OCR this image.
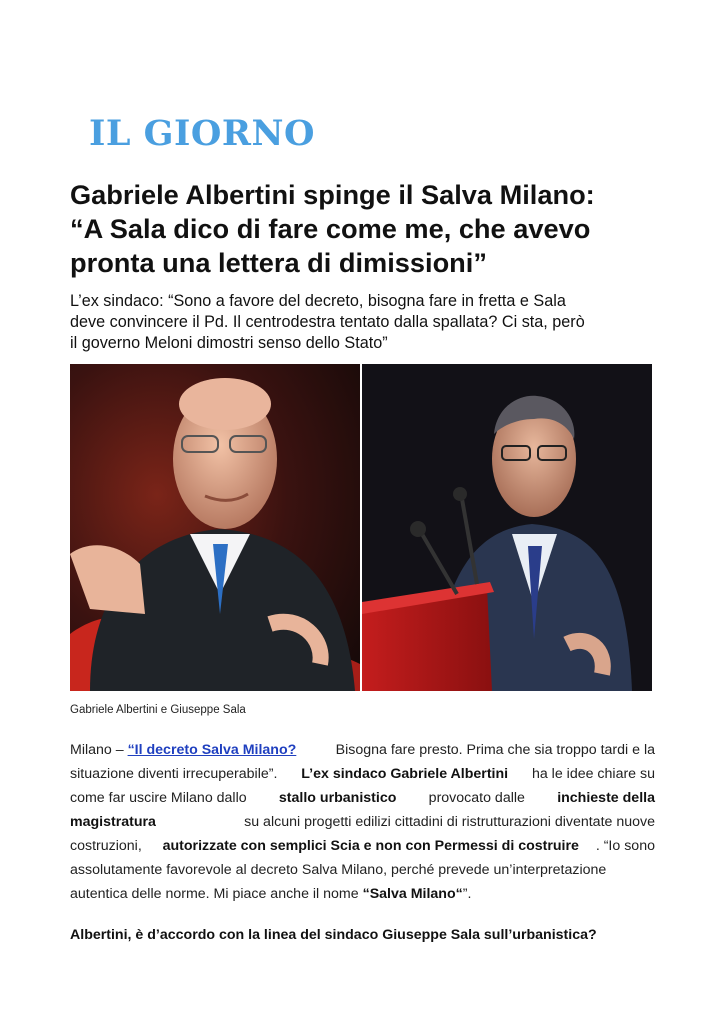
IL GIORNO
Gabriele Albertini spinge il Salva Milano:
“A Sala dico di fare come me, che avevo
pronta una lettera di dimissioni”
L’ex sindaco: “Sono a favore del decreto, bisogna fare in fretta e Sala
deve convincere il Pd. Il centrodestra tentato dalla spallata? Ci sta, però
il governo Meloni dimostri senso dello Stato”
Gabriele Albertini e Giuseppe Sala
Milano – “Il decreto Salva Milano? Bisogna fare presto. Prima che sia troppo tardi e la
situazione diventi irrecuperabile”. L’ex sindaco Gabriele Albertini ha le idee chiare su
come far uscire Milano dallo stallo urbanistico provocato dalle inchieste della
magistratura	su alcuni progetti edilizi cittadini di ristrutturazioni diventate nuove
costruzioni, autorizzate con semplici Scia e non con Permessi di costruire . “Io sono
assolutamente favorevole al decreto Salva Milano, perché prevede un’interpretazione
autentica delle norme. Mi piace anche il nome “Salva Milano“ ”.
Albertini, è d’accordo con la linea del sindaco Giuseppe Sala sull’urbanistica?
